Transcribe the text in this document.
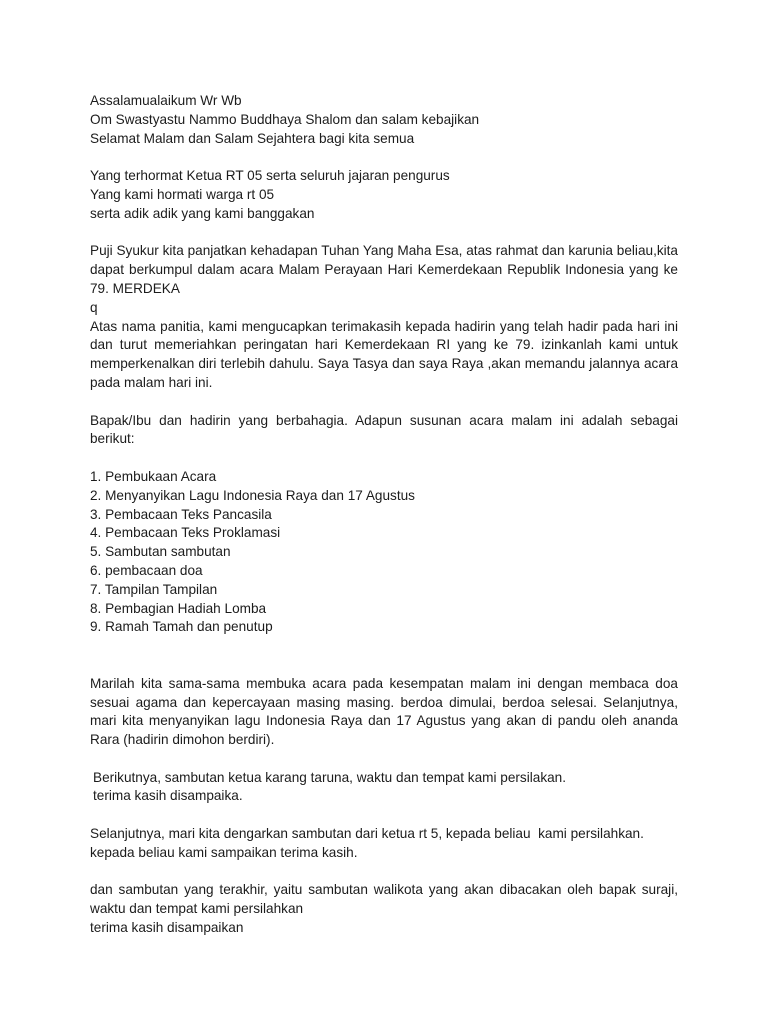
Assalamualaikum Wr Wb
Om Swastyastu Nammo Buddhaya Shalom dan salam kebajikan
Selamat Malam dan Salam Sejahtera bagi kita semua
Yang terhormat Ketua RT 05 serta seluruh jajaran pengurus
Yang kami hormati warga rt 05
serta adik adik yang kami banggakan
Puji Syukur kita panjatkan kehadapan Tuhan Yang Maha Esa, atas rahmat dan karunia beliau,kita dapat berkumpul dalam acara Malam Perayaan Hari Kemerdekaan Republik Indonesia yang ke 79. MERDEKA
q
Atas nama panitia, kami mengucapkan terimakasih kepada hadirin yang telah hadir pada hari ini dan turut memeriahkan peringatan hari Kemerdekaan RI yang ke 79. izinkanlah kami untuk memperkenalkan diri terlebih dahulu. Saya Tasya dan saya Raya ,akan memandu jalannya acara pada malam hari ini.
Bapak/Ibu dan hadirin yang berbahagia. Adapun susunan acara malam ini adalah sebagai berikut:
1. Pembukaan Acara
2. Menyanyikan Lagu Indonesia Raya dan 17 Agustus
3. Pembacaan Teks Pancasila
4. Pembacaan Teks Proklamasi
5. Sambutan sambutan
6. pembacaan doa
7. Tampilan Tampilan
8. Pembagian Hadiah Lomba
9. Ramah Tamah dan penutup
Marilah kita sama-sama membuka acara pada kesempatan malam ini dengan membaca doa sesuai agama dan kepercayaan masing masing. berdoa dimulai, berdoa selesai. Selanjutnya, mari kita menyanyikan lagu Indonesia Raya dan 17 Agustus yang akan di pandu oleh ananda Rara (hadirin dimohon berdiri).
Berikutnya, sambutan ketua karang taruna, waktu dan tempat kami persilakan.
terima kasih disampaika.
Selanjutnya, mari kita dengarkan sambutan dari ketua rt 5, kepada beliau  kami persilahkan.
kepada beliau kami sampaikan terima kasih.
dan sambutan yang terakhir, yaitu sambutan walikota yang akan dibacakan oleh bapak suraji, waktu dan tempat kami persilahkan
terima kasih disampaikan
